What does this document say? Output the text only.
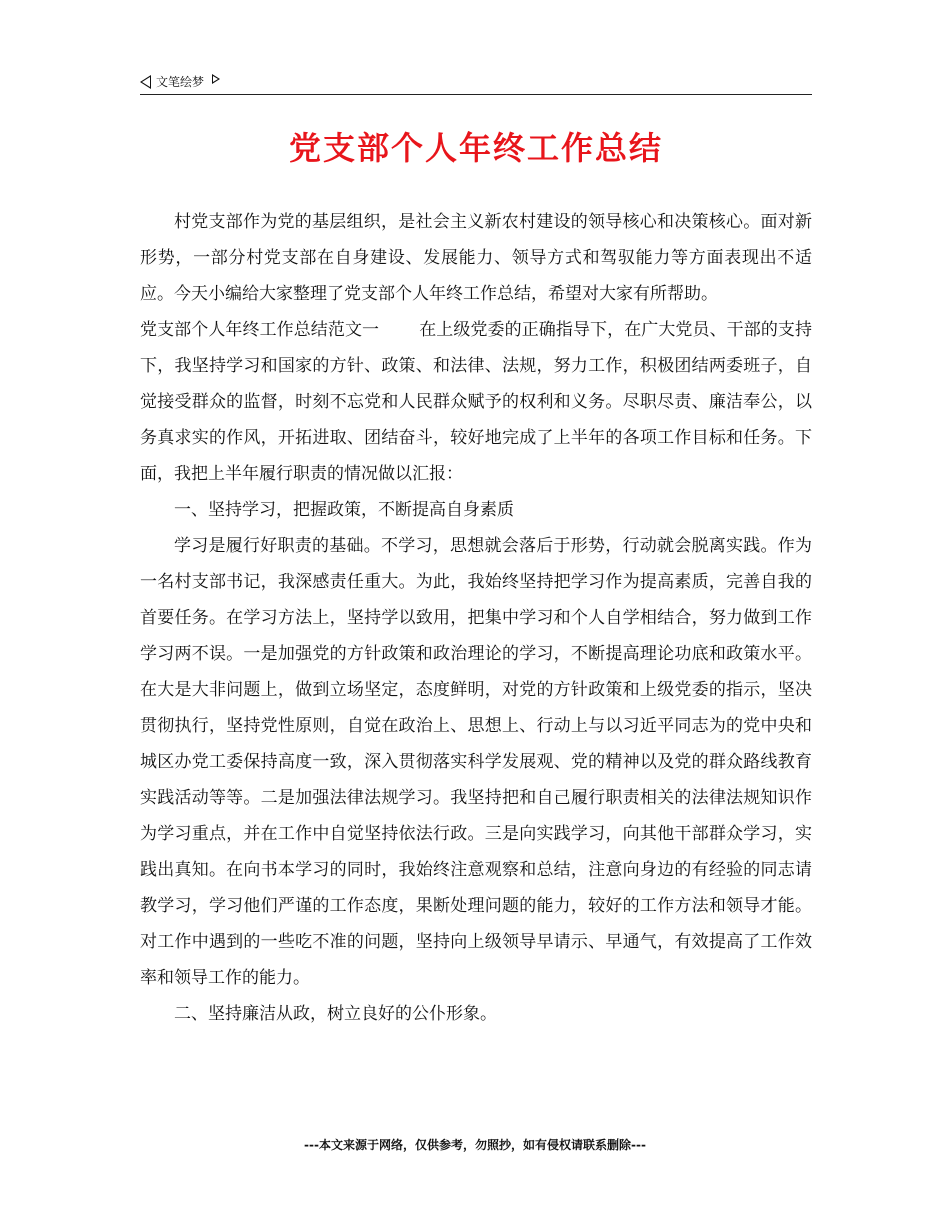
文笔绘梦
党支部个人年终工作总结

村党支部作为党的基层组织，是社会主义新农村建设的领导核心和决策核心。面对新形势，一部分村党支部在自身建设、发展能力、领导方式和驾驭能力等方面表现出不适应。今天小编给大家整理了党支部个人年终工作总结，希望对大家有所帮助。

党支部个人年终工作总结范文一 在上级党委的正确指导下，在广大党员、干部的支持下，我坚持学习和国家的方针、政策、和法律、法规，努力工作，积极团结两委班子，自觉接受群众的监督，时刻不忘党和人民群众赋予的权利和义务。尽职尽责、廉洁奉公，以务真求实的作风，开拓进取、团结奋斗，较好地完成了上半年的各项工作目标和任务。下面，我把上半年履行职责的情况做以汇报：

一、坚持学习，把握政策，不断提高自身素质

学习是履行好职责的基础。不学习，思想就会落后于形势，行动就会脱离实践。作为一名村支部书记，我深感责任重大。为此，我始终坚持把学习作为提高素质，完善自我的首要任务。在学习方法上，坚持学以致用，把集中学习和个人自学相结合，努力做到工作学习两不误。一是加强党的方针政策和政治理论的学习，不断提高理论功底和政策水平。在大是大非问题上，做到立场坚定，态度鲜明，对党的方针政策和上级党委的指示，坚决贯彻执行，坚持党性原则，自觉在政治上、思想上、行动上与以习近平同志为的党中央和城区办党工委保持高度一致，深入贯彻落实科学发展观、党的精神以及党的群众路线教育实践活动等等。二是加强法律法规学习。我坚持把和自己履行职责相关的法律法规知识作为学习重点，并在工作中自觉坚持依法行政。三是向实践学习，向其他干部群众学习，实践出真知。在向书本学习的同时，我始终注意观察和总结，注意向身边的有经验的同志请教学习，学习他们严谨的工作态度，果断处理问题的能力，较好的工作方法和领导才能。对工作中遇到的一些吃不准的问题，坚持向上级领导早请示、早通气，有效提高了工作效率和领导工作的能力。

二、坚持廉洁从政，树立良好的公仆形象。

---本文来源于网络，仅供参考，勿照抄，如有侵权请联系删除---
